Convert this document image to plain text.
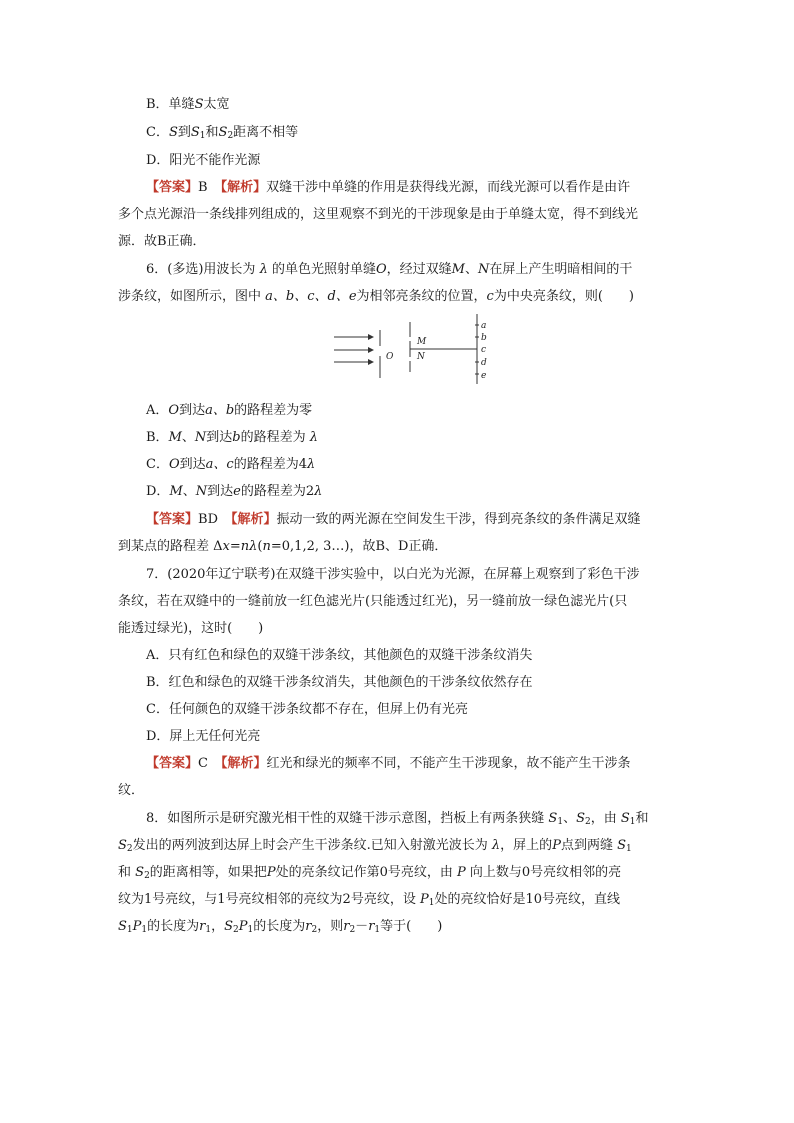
B．单缝S太宽
C．S到$S_1$和$S_2$距离不相等
D．阳光不能作光源
【答案】B　 【解析】双缝干涉中单缝的作用是获得线光源，而线光源可以看作是由许
多个点光源沿一条线排列组成的，这里观察不到光的干涉现象是由于单缝太宽，得不到线光
源．故B正确．
6．(多选)用波长为 λ 的单色光照射单缝O，经过双缝M、N在屏上产生明暗相间的干
涉条纹，如图所示，图中 a、b、c、d、e为相邻亮条纹的位置，c为中央亮条纹，则(　　)
O
M
N
a
b
c
d
e
A．O到达a、b的路程差为零
B．M、N到达b的路程差为 λ
C．O到达a、c的路程差为4λ
D．M、N到达e的路程差为2λ
【答案】BD　 【解析】振动一致的两光源在空间发生干涉，得到亮条纹的条件满足双缝
到某点的路程差 Δx=nλ(n=0,1,2, 3…)，故B、D正确．
7．(2020年辽宁联考)在双缝干涉实验中，以白光为光源，在屏幕上观察到了彩色干涉
条纹，若在双缝中的一缝前放一红色滤光片(只能透过红光)，另一缝前放一绿色滤光片(只
能透过绿光)，这时(　　)
A．只有红色和绿色的双缝干涉条纹，其他颜色的双缝干涉条纹消失
B．红色和绿色的双缝干涉条纹消失，其他颜色的干涉条纹依然存在
C．任何颜色的双缝干涉条纹都不存在，但屏上仍有光亮
D．屏上无任何光亮
【答案】C　 【解析】红光和绿光的频率不同，不能产生干涉现象，故不能产生干涉条
纹．
8．如图所示是研究激光相干性的双缝干涉示意图，挡板上有两条狭缝 $S_1$、$S_2$，由 $S_1$和
$S_2$发出的两列波到达屏上时会产生干涉条纹.已知入射激光波长为 λ，屏上的P点到两缝 $S_1$
和 $S_2$的距离相等，如果把P处的亮条纹记作第0号亮纹，由 P 向上数与0号亮纹相邻的亮
纹为1号亮纹，与1号亮纹相邻的亮纹为2号亮纹，设 $P_1$处的亮纹恰好是10号亮纹，直线
$S_1P_1$的长度为$r_1$，$S_2P_1$的长度为$r_2$，则$r_2-r_1$等于(　　)
